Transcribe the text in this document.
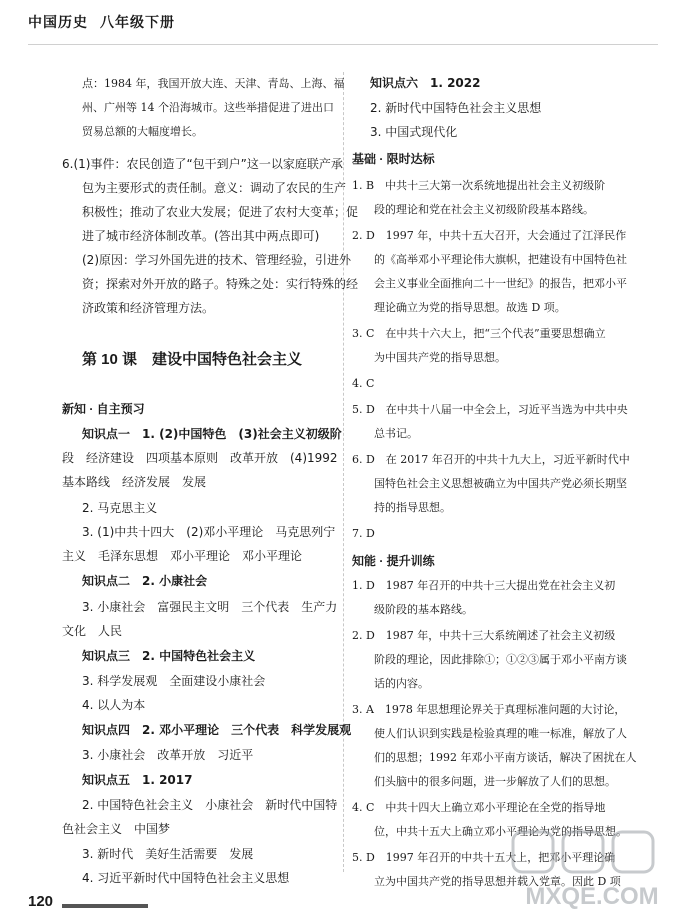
中国历史 八年级下册

点：1984 年，我国开放大连、天津、青岛、上海、福

州、广州等 14 个沿海城市。这些举措促进了进出口

贸易总额的大幅度增长。

6.(1)事件：农民创造了“包干到户”这一以家庭联产承

包为主要形式的责任制。意义：调动了农民的生产

积极性；推动了农业大发展；促进了农村大变革；促

进了城市经济体制改革。(答出其中两点即可)

(2)原因：学习外国先进的技术、管理经验，引进外

资；探索对外开放的路子。特殊之处：实行特殊的经

济政策和经济管理方法。

第 10 课　建设中国特色社会主义
新知 · 自主预习

知识点一　1. (2)中国特色　(3)社会主义初级阶

段　经济建设　四项基本原则　改革开放　(4)1992

基本路线　经济发展　发展

2. 马克思主义

3. (1)中共十四大　(2)邓小平理论　马克思列宁

主义　毛泽东思想　邓小平理论　邓小平理论

知识点二　2. 小康社会

3. 小康社会　富强民主文明　三个代表　生产力

文化　人民

知识点三　2. 中国特色社会主义

3. 科学发展观　全面建设小康社会

4. 以人为本

知识点四　2. 邓小平理论　三个代表　科学发展观

3. 小康社会　改革开放　习近平

知识点五　1. 2017

2. 中国特色社会主义　小康社会　新时代中国特

色社会主义　中国梦

3. 新时代　美好生活需要　发展

4. 习近平新时代中国特色社会主义思想

知识点六　1. 2022

2. 新时代中国特色社会主义思想

3. 中国式现代化

基础 · 限时达标

1. B　中共十三大第一次系统地提出社会主义初级阶

段的理论和党在社会主义初级阶段基本路线。

2. D　1997 年，中共十五大召开，大会通过了江泽民作

的《高举邓小平理论伟大旗帜，把建设有中国特色社

会主义事业全面推向二十一世纪》的报告，把邓小平

理论确立为党的指导思想。故选 D 项。

3. C　在中共十六大上，把“三个代表”重要思想确立

为中国共产党的指导思想。

4. C

5. D　在中共十八届一中全会上，习近平当选为中共中央

总书记。

6. D　在 2017 年召开的中共十九大上，习近平新时代中

国特色社会主义思想被确立为中国共产党必须长期坚

持的指导思想。

7. D

知能 · 提升训练

1. D　1987 年召开的中共十三大提出党在社会主义初

级阶段的基本路线。

2. D　1987 年，中共十三大系统阐述了社会主义初级

阶段的理论，因此排除①；①②③属于邓小平南方谈

话的内容。

3. A　1978 年思想理论界关于真理标准问题的大讨论，

使人们认识到实践是检验真理的唯一标准，解放了人

们的思想；1992 年邓小平南方谈话，解决了困扰在人

们头脑中的很多问题，进一步解放了人们的思想。

4. C　中共十四大上确立邓小平理论在全党的指导地

位，中共十五大上确立邓小平理论为党的指导思想。

5. D　1997 年召开的中共十五大上，把邓小平理论确

立为中国共产党的指导思想并载入党章。因此 D 项

120	MXQE.COM
